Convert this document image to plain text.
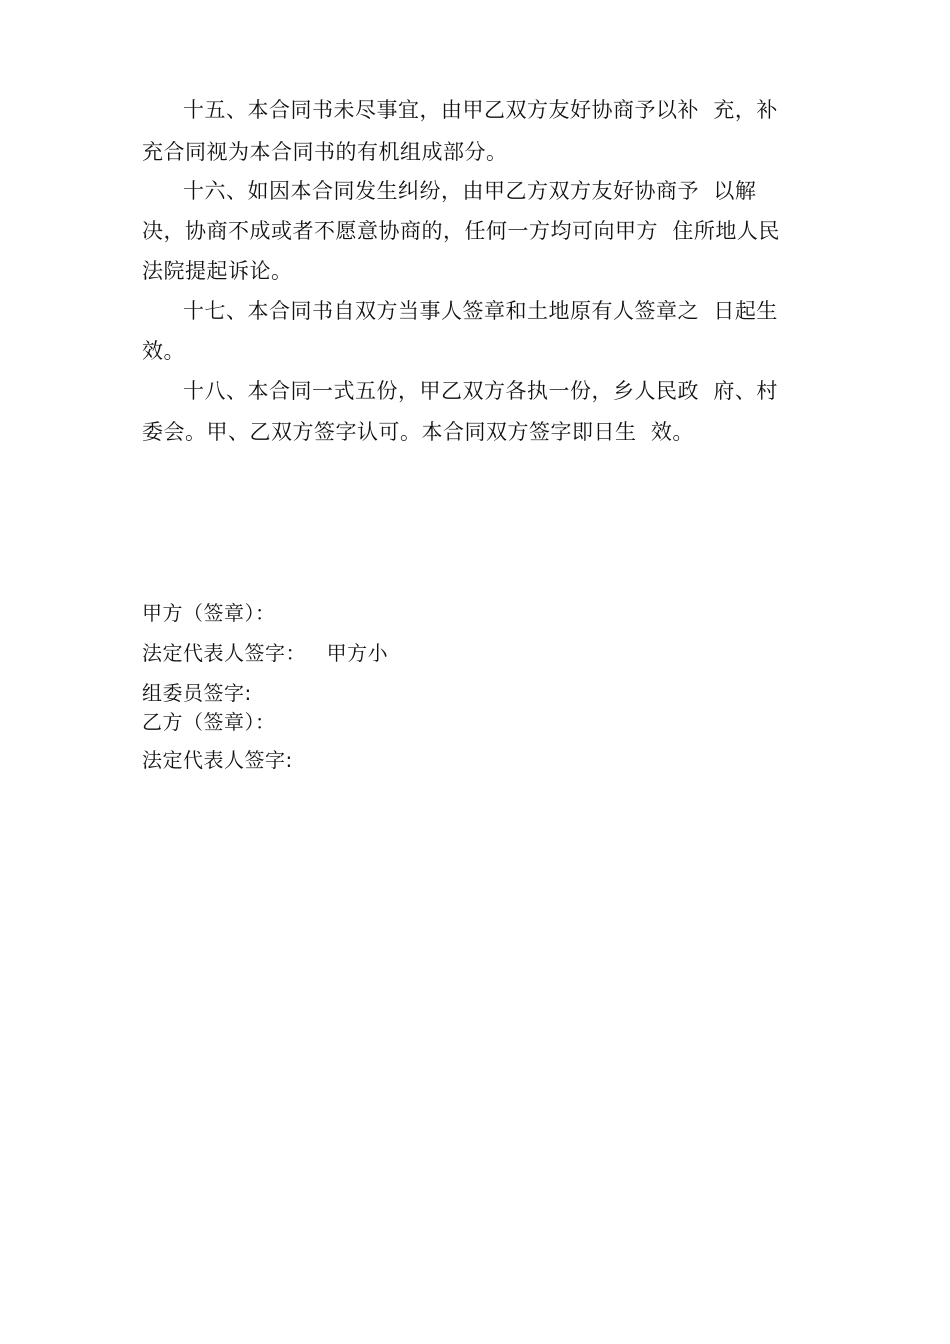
十五、本合同书未尽事宜，由甲乙双方友好协商予以补  充，补
充合同视为本合同书的有机组成部分。
十六、如因本合同发生纠纷，由甲乙方双方友好协商予  以解
决，协商不成或者不愿意协商的，任何一方均可向甲方  住所地人民
法院提起诉论。
十七、本合同书自双方当事人签章和土地原有人签章之  日起生
效。
十八、本合同一式五份，甲乙双方各执一份，乡人民政  府、村
委会。甲、乙双方签字认可。本合同双方签字即日生  效。
甲方（签章）：
法定代表人签字：   甲方小
组委员签字:
乙方（签章）：
法定代表人签字:
